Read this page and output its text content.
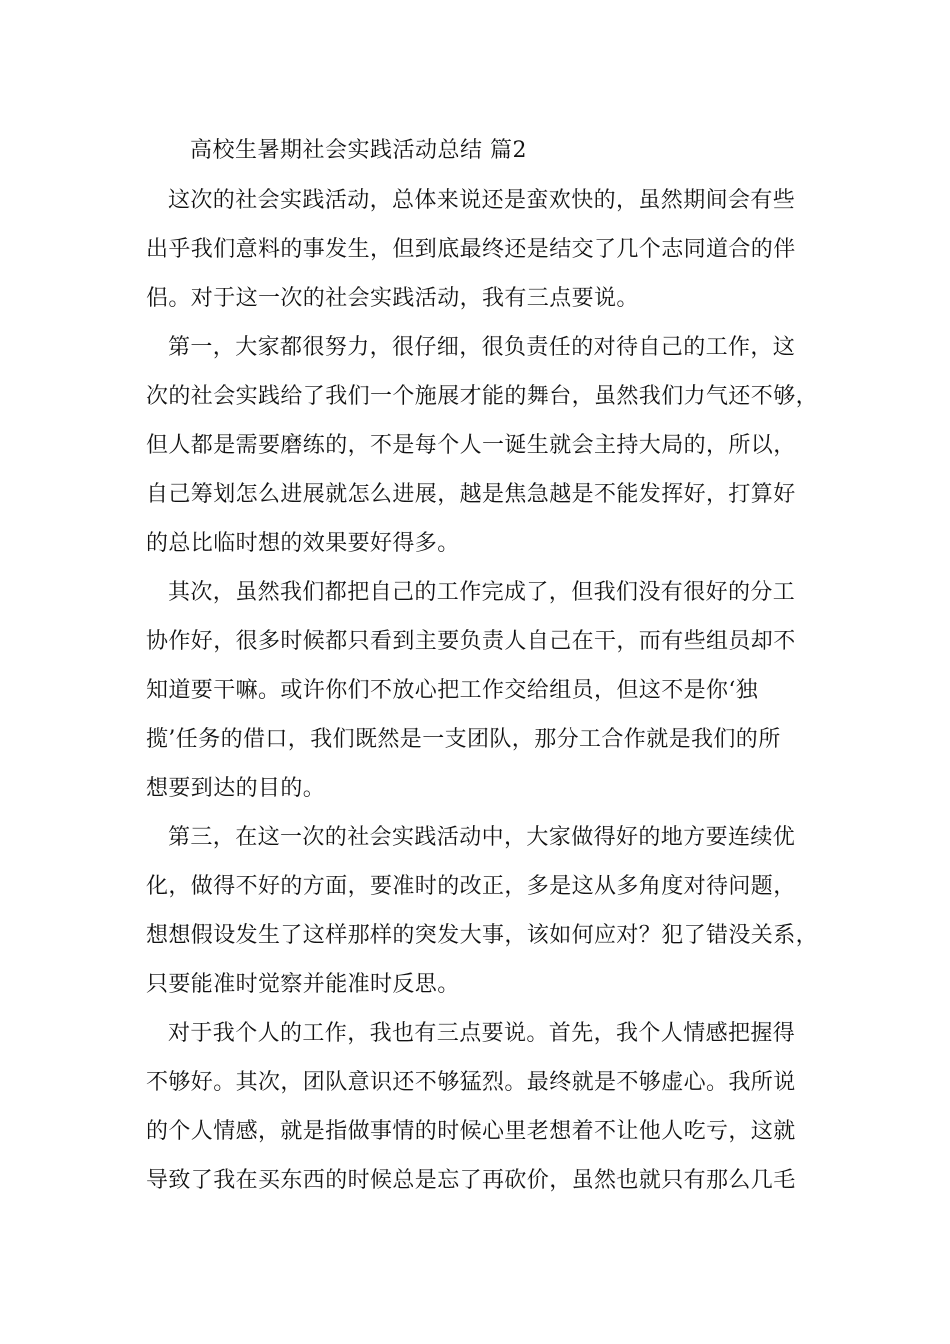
高校生暑期社会实践活动总结 篇2
这次的社会实践活动，总体来说还是蛮欢快的，虽然期间会有些
出乎我们意料的事发生，但到底最终还是结交了几个志同道合的伴
侣。对于这一次的社会实践活动，我有三点要说。
第一，大家都很努力，很仔细，很负责任的对待自己的工作，这
次的社会实践给了我们一个施展才能的舞台，虽然我们力气还不够，
但人都是需要磨练的，不是每个人一诞生就会主持大局的，所以，
自己筹划怎么进展就怎么进展，越是焦急越是不能发挥好，打算好
的总比临时想的效果要好得多。
其次，虽然我们都把自己的工作完成了，但我们没有很好的分工
协作好，很多时候都只看到主要负责人自己在干，而有些组员却不
知道要干嘛。或许你们不放心把工作交给组员，但这不是你‘独
揽’任务的借口，我们既然是一支团队，那分工合作就是我们的所
想要到达的目的。
第三，在这一次的社会实践活动中，大家做得好的地方要连续优
化，做得不好的方面，要准时的改正，多是这从多角度对待问题，
想想假设发生了这样那样的突发大事，该如何应对？犯了错没关系，
只要能准时觉察并能准时反思。
对于我个人的工作，我也有三点要说。首先，我个人情感把握得
不够好。其次，团队意识还不够猛烈。最终就是不够虚心。我所说
的个人情感，就是指做事情的时候心里老想着不让他人吃亏，这就
导致了我在买东西的时候总是忘了再砍价，虽然也就只有那么几毛
